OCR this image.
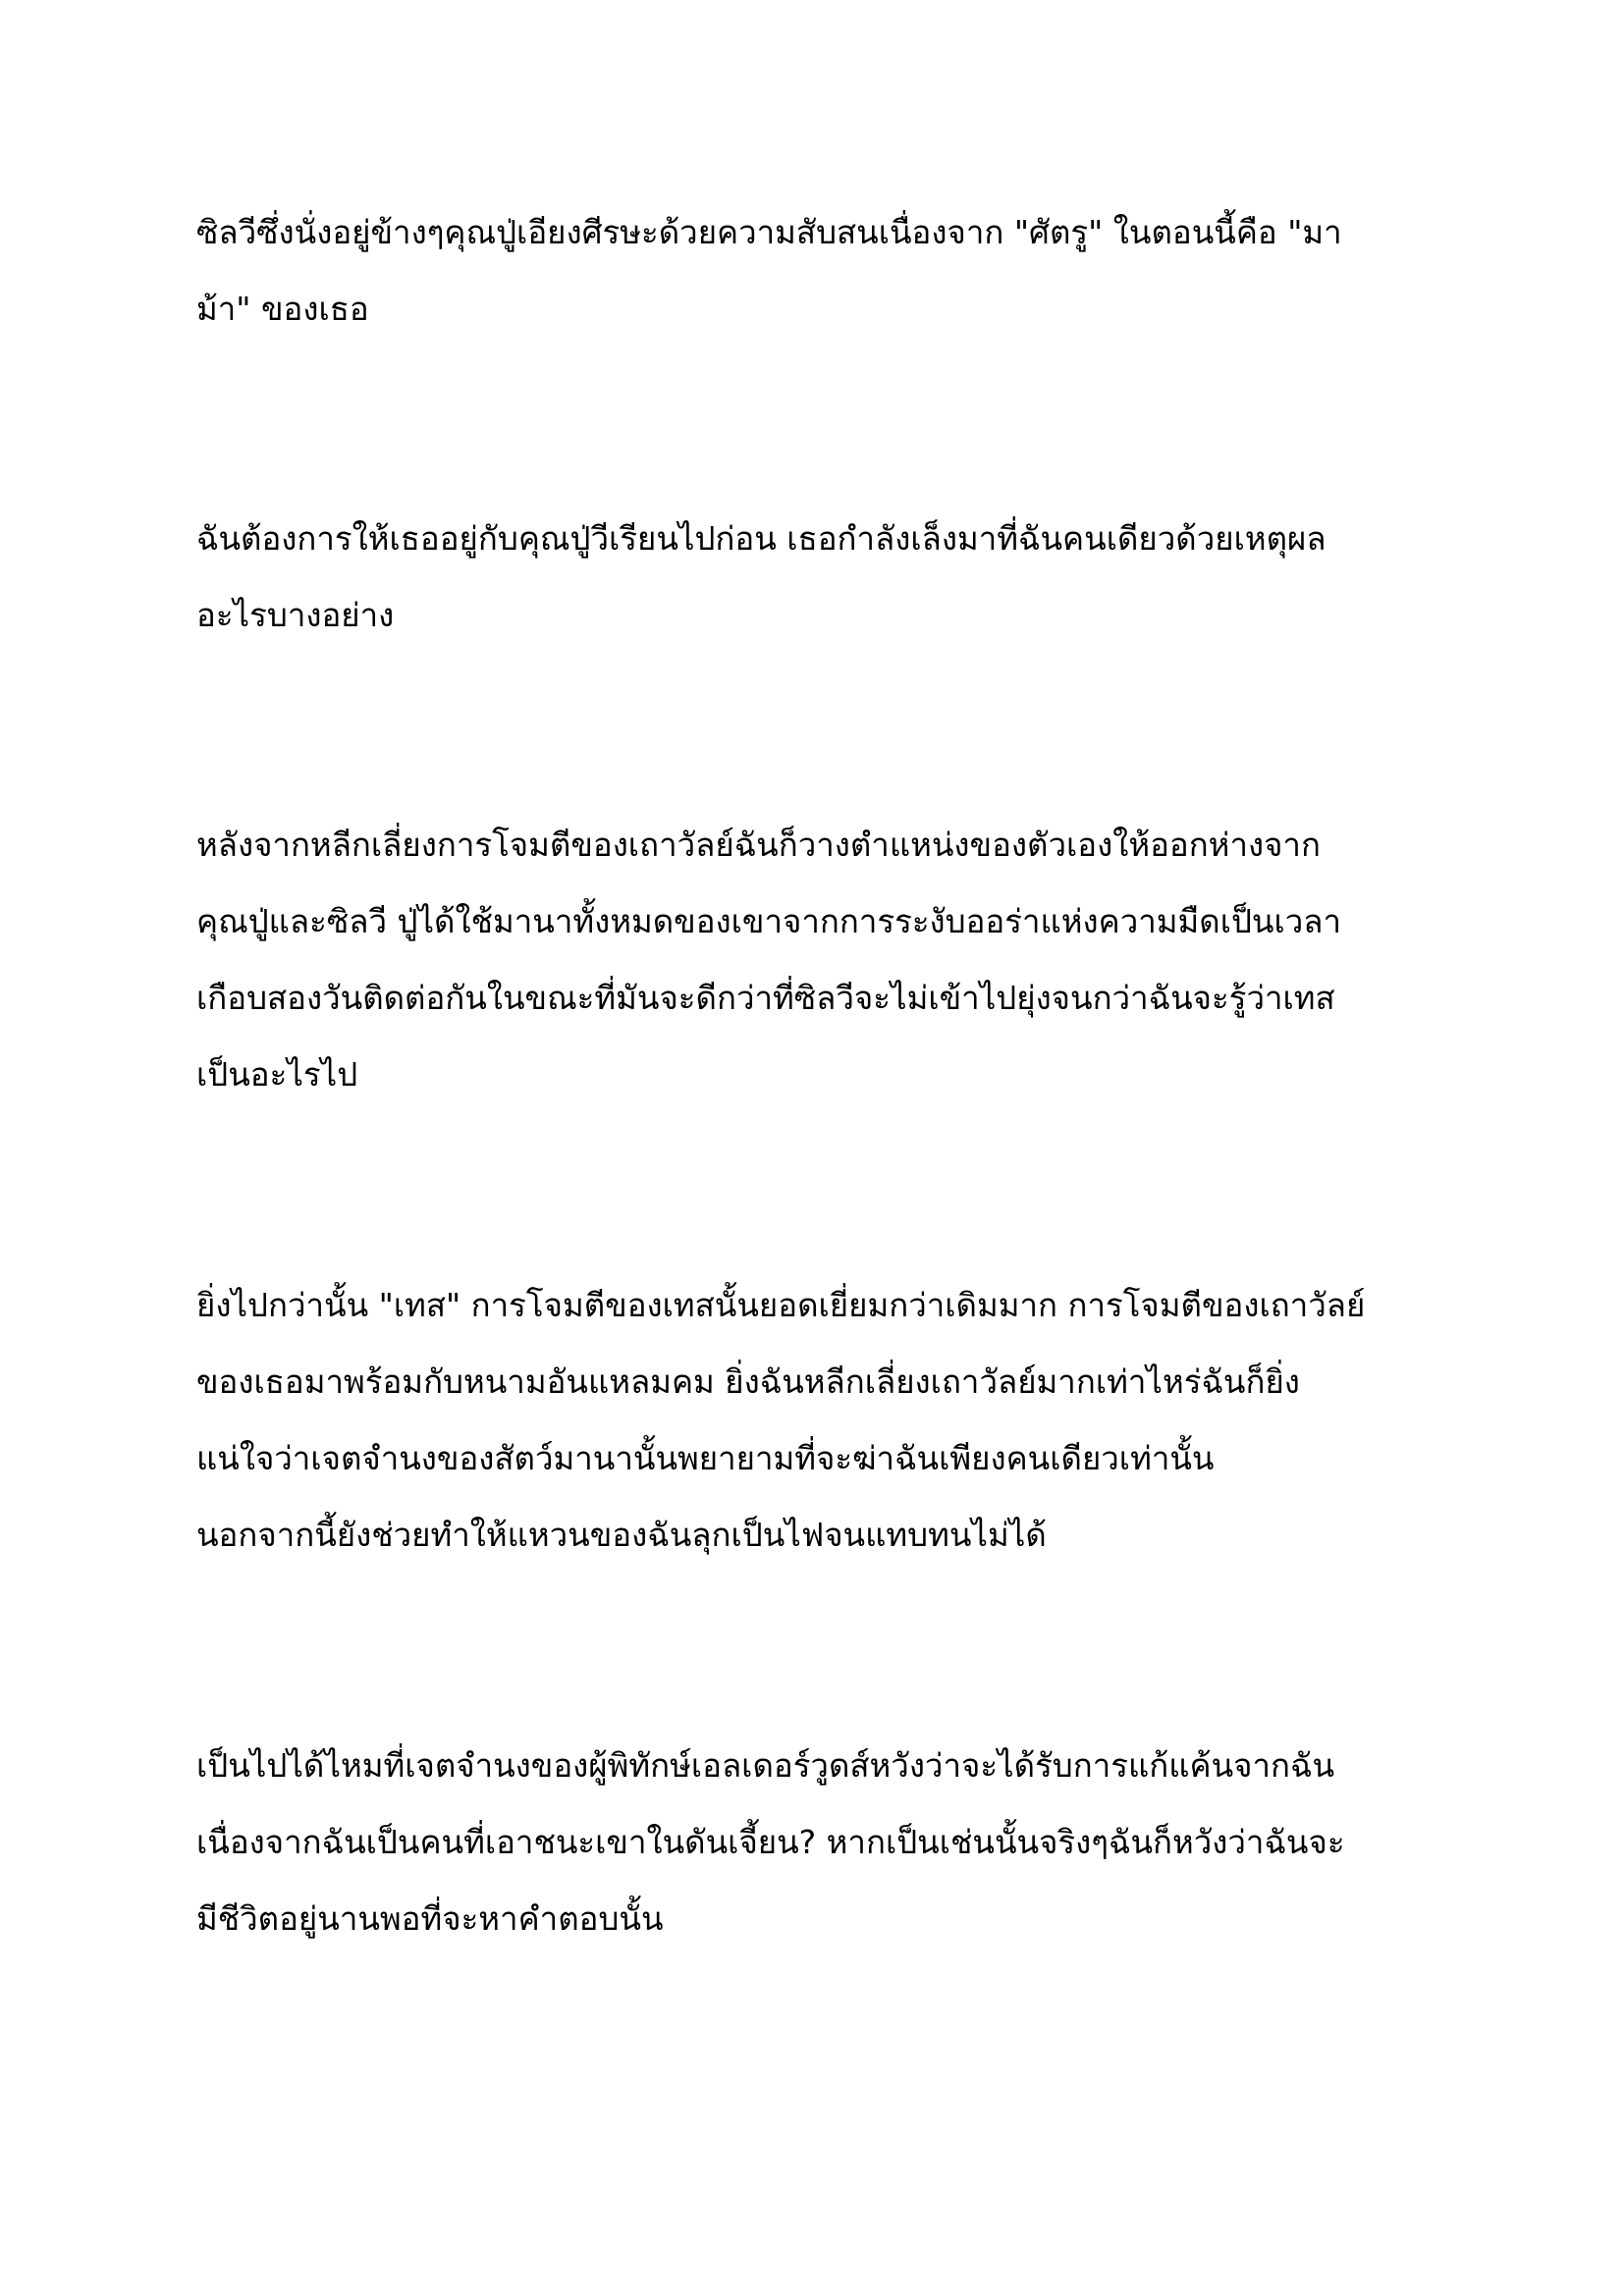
ซิลวีซึ่งนั่งอยู่ข้างๆคุณปู่เอียงศีรษะด้วยความสับสนเนื่องจาก "ศัตรู" ในตอนนี้คือ "มา
ม้า" ของเธอ

ฉันต้องการให้เธออยู่กับคุณปู่วีเรียนไปก่อน เธอกำลังเล็งมาที่ฉันคนเดียวด้วยเหตุผล
อะไรบางอย่าง

หลังจากหลีกเลี่ยงการโจมตีของเถาวัลย์ฉันก็วางตำแหน่งของตัวเองให้ออกห่างจาก
คุณปู่และซิลวี ปู่ได้ใช้มานาทั้งหมดของเขาจากการระงับออร่าแห่งความมืดเป็นเวลา
เกือบสองวันติดต่อกันในขณะที่มันจะดีกว่าที่ซิลวีจะไม่เข้าไปยุ่งจนกว่าฉันจะรู้ว่าเทส
เป็นอะไรไป

ยิ่งไปกว่านั้น "เทส" การโจมตีของเทสนั้นยอดเยี่ยมกว่าเดิมมาก การโจมตีของเถาวัลย์
ของเธอมาพร้อมกับหนามอันแหลมคม ยิ่งฉันหลีกเลี่ยงเถาวัลย์มากเท่าไหร่ฉันก็ยิ่ง
แน่ใจว่าเจตจำนงของสัตว์มานานั้นพยายามที่จะฆ่าฉันเพียงคนเดียวเท่านั้น
นอกจากนี้ยังช่วยทำให้แหวนของฉันลุกเป็นไฟจนแทบทนไม่ได้

เป็นไปได้ไหมที่เจตจำนงของผู้พิทักษ์เอลเดอร์วูดส์หวังว่าจะได้รับการแก้แค้นจากฉัน
เนื่องจากฉันเป็นคนที่เอาชนะเขาในดันเจี้ยน? หากเป็นเช่นนั้นจริงๆฉันก็หวังว่าฉันจะ
มีชีวิตอยู่นานพอที่จะหาคำตอบนั้น
